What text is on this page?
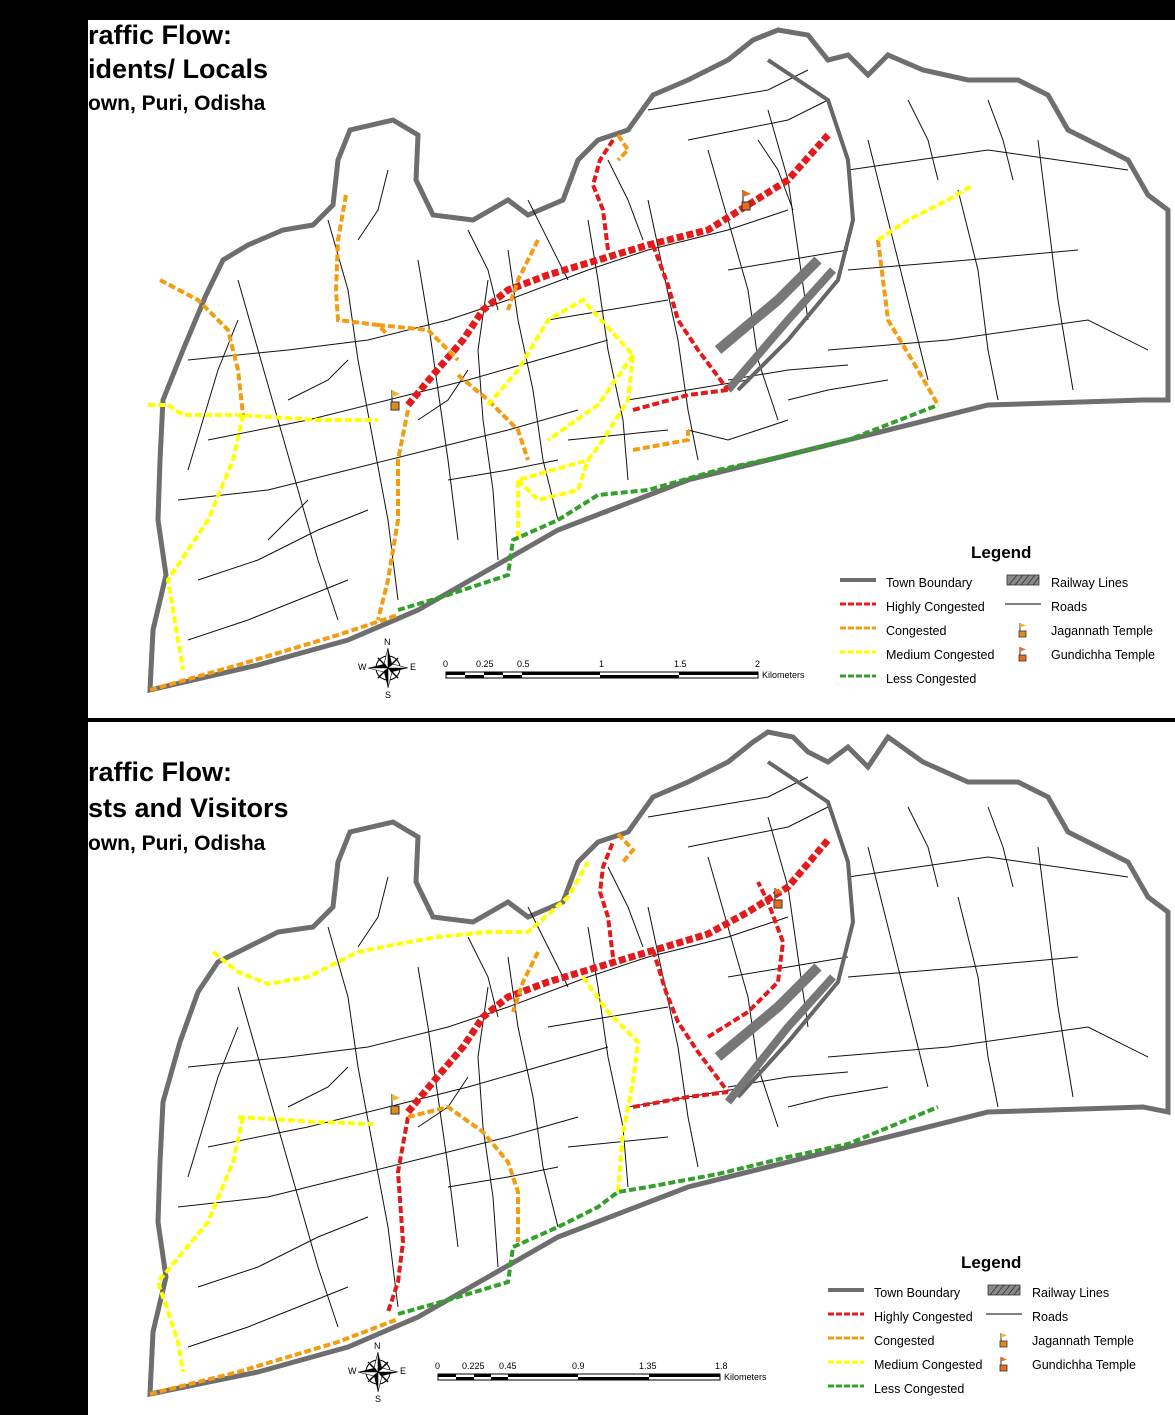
raffic Flow:
idents/ Locals
own, Puri, Odisha
N
S
E
W	0	0.25	0.5	1	1.5	2
Kilometers
Legend
Town Boundary	Railway Lines
Highly Congested	Roads
Congested	Jagannath Temple
Medium Congested	Gundichha Temple
Less Congested
raffic Flow:
sts and Visitors
own, Puri, Odisha
N
S
E
W	0 0.225 0.45	0.9	1.35	1.8
Kilometers
Legend
Town Boundary	Railway Lines
Highly Congested	Roads
Congested	Jagannath Temple
Medium Congested	Gundichha Temple
Less Congested
